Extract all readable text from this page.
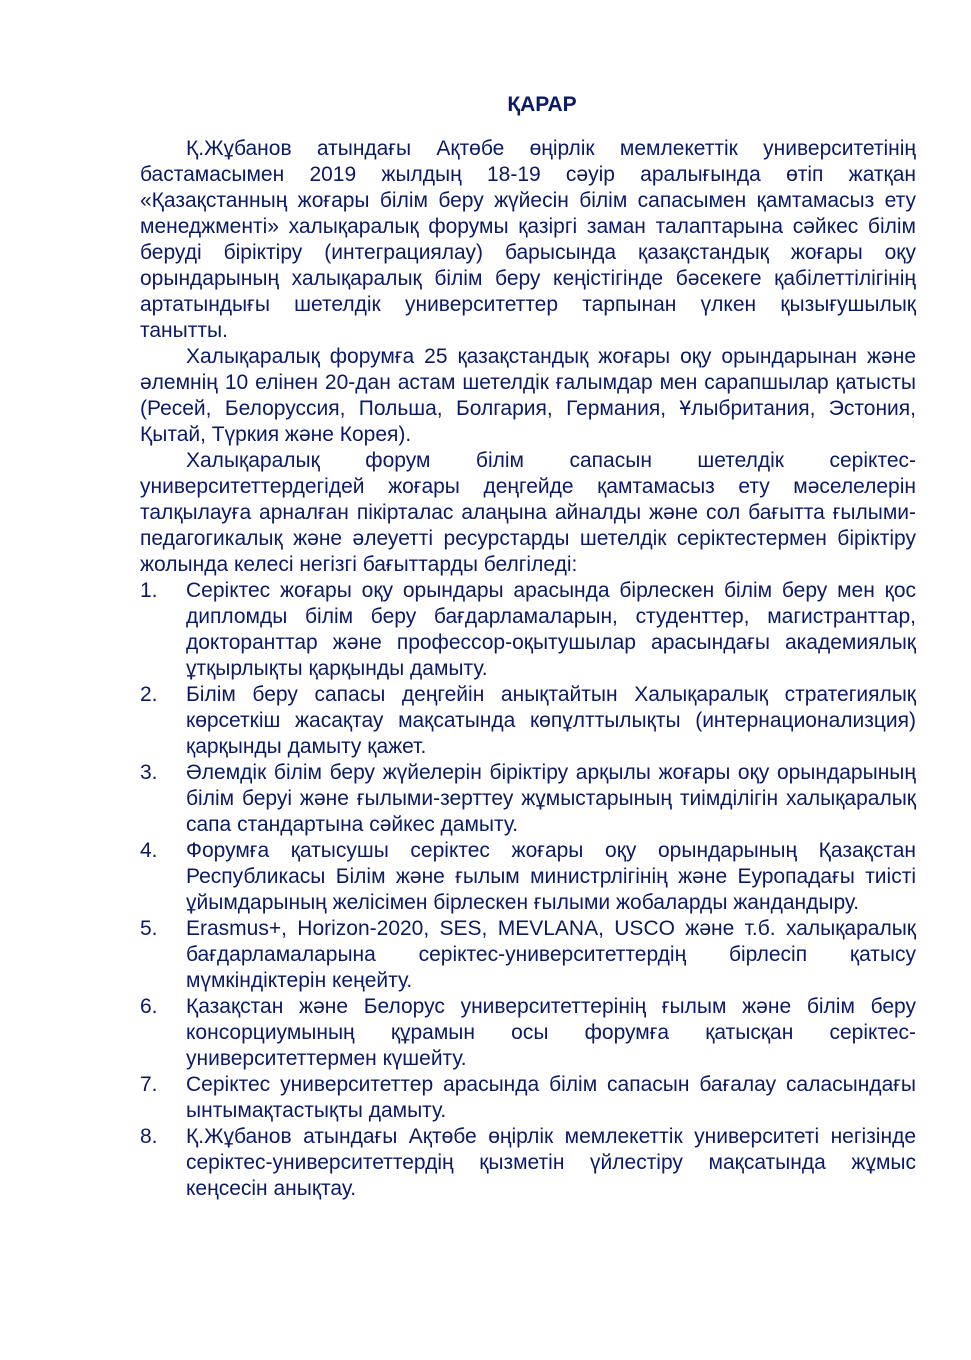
ҚАРАР

Қ.Жұбанов атындағы Ақтөбе өңірлік мемлекеттік университетінің бастамасымен 2019 жылдың 18-19 сәуір аралығында өтіп жатқан «Қазақстанның жоғары білім беру жүйесін білім сапасымен қамтамасыз ету менеджменті» халықаралық форумы қазіргі заман талаптарына сәйкес білім беруді біріктіру (интеграциялау) барысында қазақстандық жоғары оқу орындарының халықаралық білім беру кеңістігінде бәсекеге қабілеттілігінің артатындығы шетелдік университеттер тарпынан үлкен қызығушылық танытты.

Халықаралық форумға 25 қазақстандық жоғары оқу орындарынан және әлемнің 10 елінен 20-дан астам шетелдік ғалымдар мен сарапшылар қатысты (Ресей, Белоруссия, Польша, Болгария, Германия, Ұлыбритания, Эстония, Қытай, Түркия және Корея).

Халықаралық форум білім сапасын шетелдік серіктес-университеттердегідей жоғары деңгейде қамтамасыз ету мәселелерін талқылауға арналған пікірталас алаңына айналды және сол бағытта ғылыми-педагогикалық және әлеуетті ресурстарды шетелдік серіктестермен біріктіру жолында келесі негізгі бағыттарды белгіледі:

1.	Серіктес жоғары оқу орындары арасында бірлескен білім беру мен қос дипломды білім беру бағдарламаларын, студенттер, магистранттар, докторанттар және профессор-оқытушылар арасындағы академиялық ұтқырлықты қарқынды дамыту.
2.	Білім беру сапасы деңгейін анықтайтын Халықаралық стратегиялық көрсеткіш жасақтау мақсатында көпұлттылықты (интернационализция) қарқынды дамыту қажет.
3.	Әлемдік білім беру жүйелерін біріктіру арқылы жоғары оқу орындарының білім беруі және ғылыми-зерттеу жұмыстарының тиімділігін халықаралық сапа стандартына сәйкес дамыту.
4.	Форумға қатысушы серіктес жоғары оқу орындарының Қазақстан Республикасы Білім және ғылым министрлігінің және Еуропадағы тиісті ұйымдарының желісімен бірлескен ғылыми жобаларды жандандыру.
5.	Erasmus+, Horizon-2020, SES, MEVLANA, USCO және т.б. халықаралық бағдарламаларына серіктес-университеттердің бірлесіп қатысу мүмкіндіктерін кеңейту.
6.	Қазақстан және Белорус университеттерінің ғылым және білім беру консорциумының құрамын осы форумға қатысқан серіктес-университеттермен күшейту.
7.	Серіктес университеттер арасында білім сапасын бағалау саласындағы ынтымақтастықты дамыту.
8.	Қ.Жұбанов атындағы Ақтөбе өңірлік мемлекеттік университеті негізінде серіктес-университеттердің қызметін үйлестіру мақсатында жұмыс кеңсесін анықтау.
